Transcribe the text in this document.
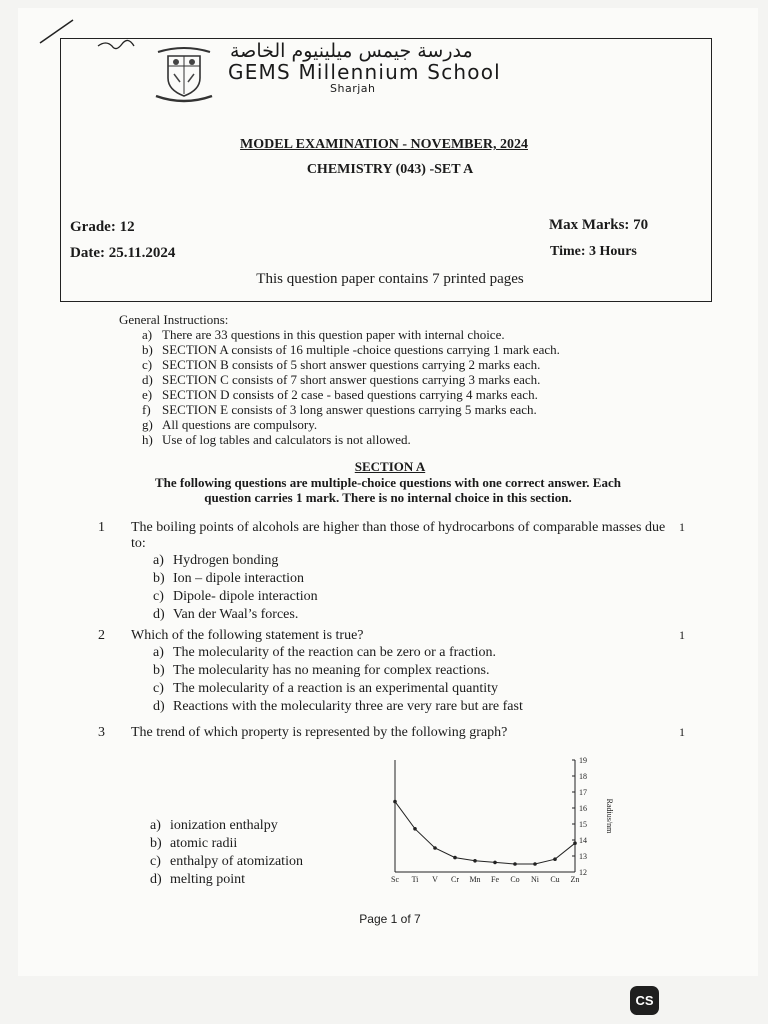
مدرسة جيمس ميلينيوم الخاصة
GEMS Millennium School
Sharjah
MODEL EXAMINATION - NOVEMBER, 2024
CHEMISTRY (043) -SET A
Grade: 12
Date: 25.11.2024
Max Marks: 70
Time: 3 Hours
This question paper contains 7 printed pages
General Instructions:
a) There are 33 questions in this question paper with internal choice.
b) SECTION A consists of 16 multiple -choice questions carrying 1 mark each.
c) SECTION B consists of 5 short answer questions carrying 2 marks each.
d) SECTION C consists of 7 short answer questions carrying 3 marks each.
e) SECTION D consists of 2 case - based questions carrying 4 marks each.
f) SECTION E consists of 3 long answer questions carrying 5 marks each.
g) All questions are compulsory.
h) Use of log tables and calculators is not allowed.
SECTION A
The following questions are multiple-choice questions with one correct answer. Each question carries 1 mark. There is no internal choice in this section.
1 The boiling points of alcohols are higher than those of hydrocarbons of comparable masses due to:
1
a) Hydrogen bonding
b) Ion – dipole interaction
c) Dipole- dipole interaction
d) Van der Waal’s forces.
2 Which of the following statement is true?	1
a) The molecularity of the reaction can be zero or a fraction.
b) The molecularity has no meaning for complex reactions.
c) The molecularity of a reaction is an experimental quantity
d) Reactions with the molecularity three are very rare but are fast
3 The trend of which property is represented by the following graph?	1
a) ionization enthalpy
b) atomic radii
c) enthalpy of atomization
d) melting point	12
13
14
15
16
17
18
19
Radius/nm
Sc Ti V Cr Mn Fe Co Ni Cu Zn
Page 1 of 7
CS
